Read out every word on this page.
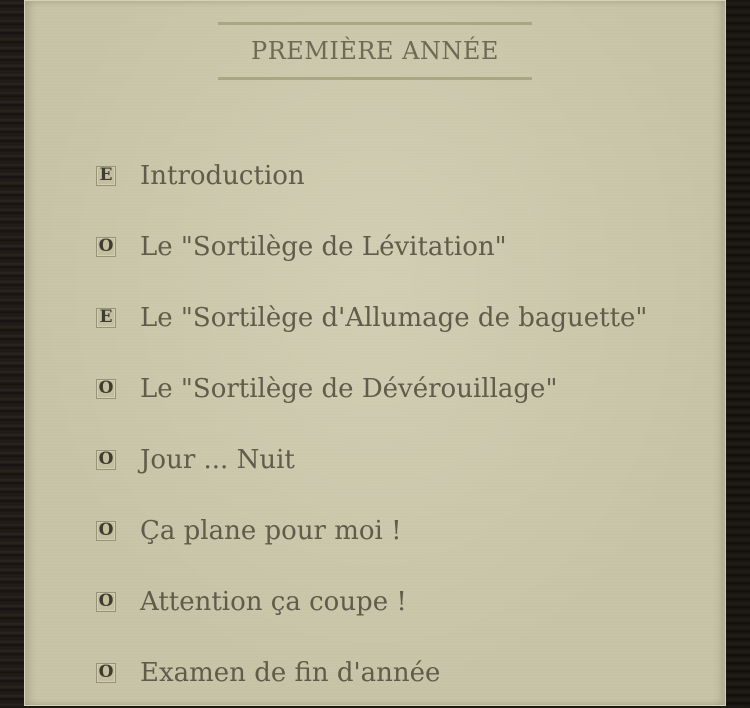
PREMIÈRE ANNÉE
E Introduction
O Le "Sortilège de Lévitation"
E Le "Sortilège d'Allumage de baguette"
O Le "Sortilège de Dévérouillage"
O Jour ... Nuit
O Ça plane pour moi !
O Attention ça coupe !
O Examen de fin d'année
